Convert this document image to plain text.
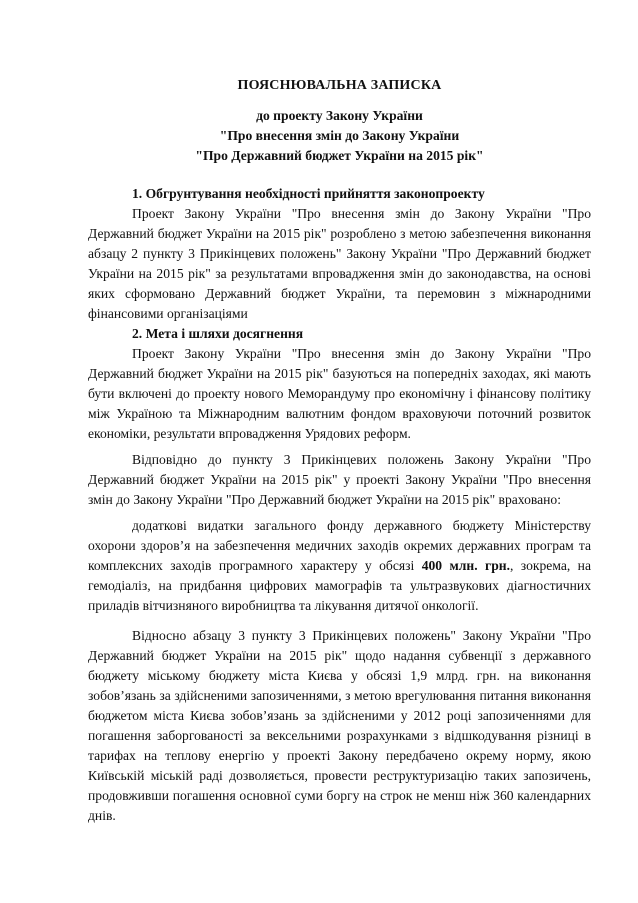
ПОЯСНЮВАЛЬНА ЗАПИСКА

до проекту Закону України

"Про внесення змін до Закону України

"Про Державний бюджет України на 2015 рік"

1. Обгрунтування необхідності прийняття законопроекту

Проект Закону України "Про внесення змін до Закону України "Про Державний бюджет України на 2015 рік" розроблено з метою забезпечення виконання абзацу 2 пункту 3 Прикінцевих положень" Закону України "Про Державний бюджет України на 2015 рік" за результатами впровадження змін до законодавства, на основі яких сформовано Державний бюджет України, та перемовин з міжнародними фінансовими організаціями

2. Мета і шляхи досягнення

Проект Закону України "Про внесення змін до Закону України "Про Державний бюджет України на 2015 рік" базуються на попередніх заходах, які мають бути включені до проекту нового Меморандуму про економічну і фінансову політику між Україною та Міжнародним валютним фондом враховуючи поточний розвиток економіки, результати впровадження Урядових реформ.

Відповідно до пункту 3 Прикінцевих положень Закону України "Про Державний бюджет України на 2015 рік" у проекті Закону України "Про внесення змін до Закону України "Про Державний бюджет України на 2015 рік" враховано:

додаткові видатки загального фонду державного бюджету Міністерству охорони здоров’я на забезпечення медичних заходів окремих державних програм та комплексних заходів програмного характеру у обсязі 400 млн. грн., зокрема, на гемодіаліз, на придбання цифрових мамографів та ультразвукових діагностичних приладів вітчизняного виробництва та лікування дитячої онкології.

Відносно абзацу 3 пункту 3 Прикінцевих положень" Закону України "Про Державний бюджет України на 2015 рік" щодо надання субвенції з державного бюджету міському бюджету міста Києва у обсязі 1,9 млрд. грн. на виконання зобов’язань за здійсненими запозиченнями, з метою врегулювання питання виконання бюджетом міста Києва зобов’язань за здійсненими у 2012 році запозиченнями для погашення заборгованості за вексельними розрахунками з відшкодування різниці в тарифах на теплову енергію у проекті Закону передбачено окрему норму, якою Київській міській раді дозволяється, провести реструктуризацію таких запозичень, продовживши погашення основної суми боргу на строк не менш ніж 360 календарних днів.
